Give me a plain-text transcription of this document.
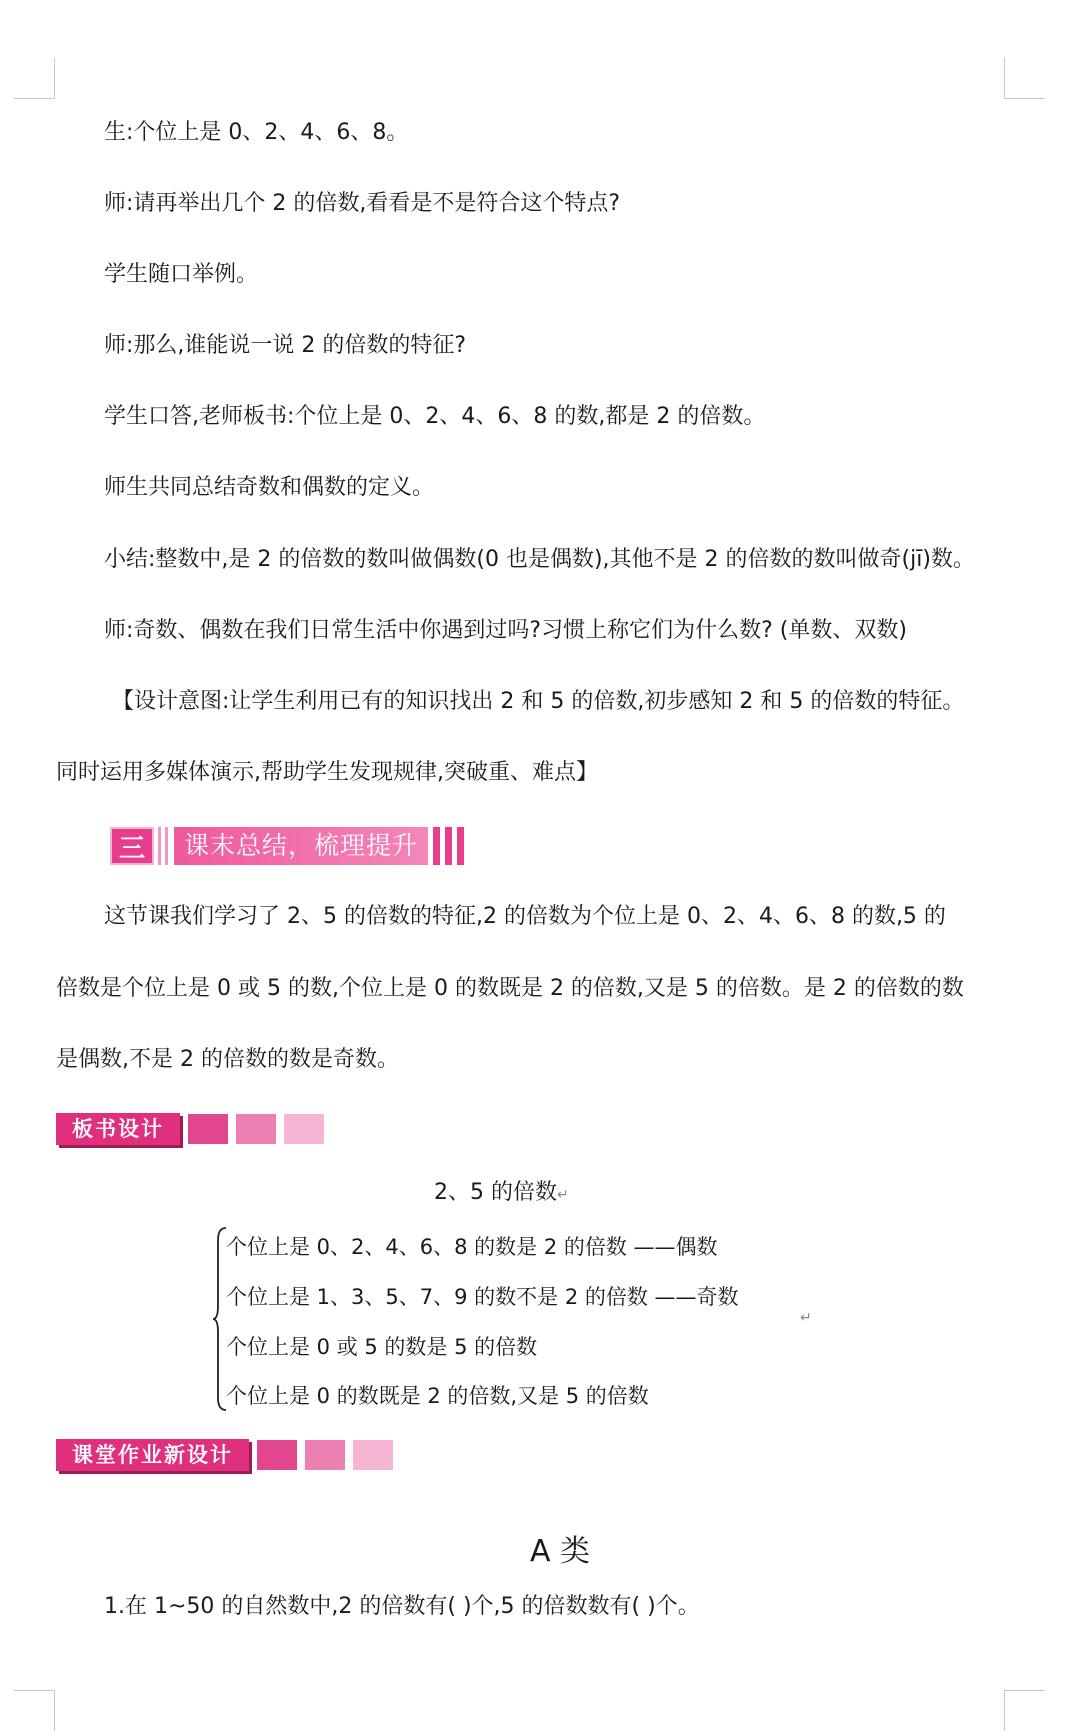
生:个位上是 0、2、4、6、8。
师:请再举出几个 2 的倍数,看看是不是符合这个特点?
学生随口举例。
师:那么,谁能说一说 2 的倍数的特征?
学生口答,老师板书:个位上是 0、2、4、6、8 的数,都是 2 的倍数。
师生共同总结奇数和偶数的定义。
小结:整数中,是 2 的倍数的数叫做偶数(0 也是偶数),其他不是 2 的倍数的数叫做奇(jī)数。
师:奇数、偶数在我们日常生活中你遇到过吗?习惯上称它们为什么数? (单数、双数)
【设计意图:让学生利用已有的知识找出 2 和 5 的倍数,初步感知 2 和 5 的倍数的特征。
同时运用多媒体演示,帮助学生发现规律,突破重、难点】
三	课末总结，梳理提升
这节课我们学习了 2、5 的倍数的特征,2 的倍数为个位上是 0、2、4、6、8 的数,5 的
倍数是个位上是 0 或 5 的数,个位上是 0 的数既是 2 的倍数,又是 5 的倍数。是 2 的倍数的数
是偶数,不是 2 的倍数的数是奇数。
板书设计
2、5 的倍数↵
个位上是 0、2、4、6、8 的数是 2 的倍数 ——偶数
个位上是 1、3、5、7、9 的数不是 2 的倍数 ——奇数
↵
个位上是 0 或 5 的数是 5 的倍数
个位上是 0 的数既是 2 的倍数,又是 5 的倍数
课堂作业新设计
A 类
1.在 1~50 的自然数中,2 的倍数有( )个,5 的倍数数有( )个。
